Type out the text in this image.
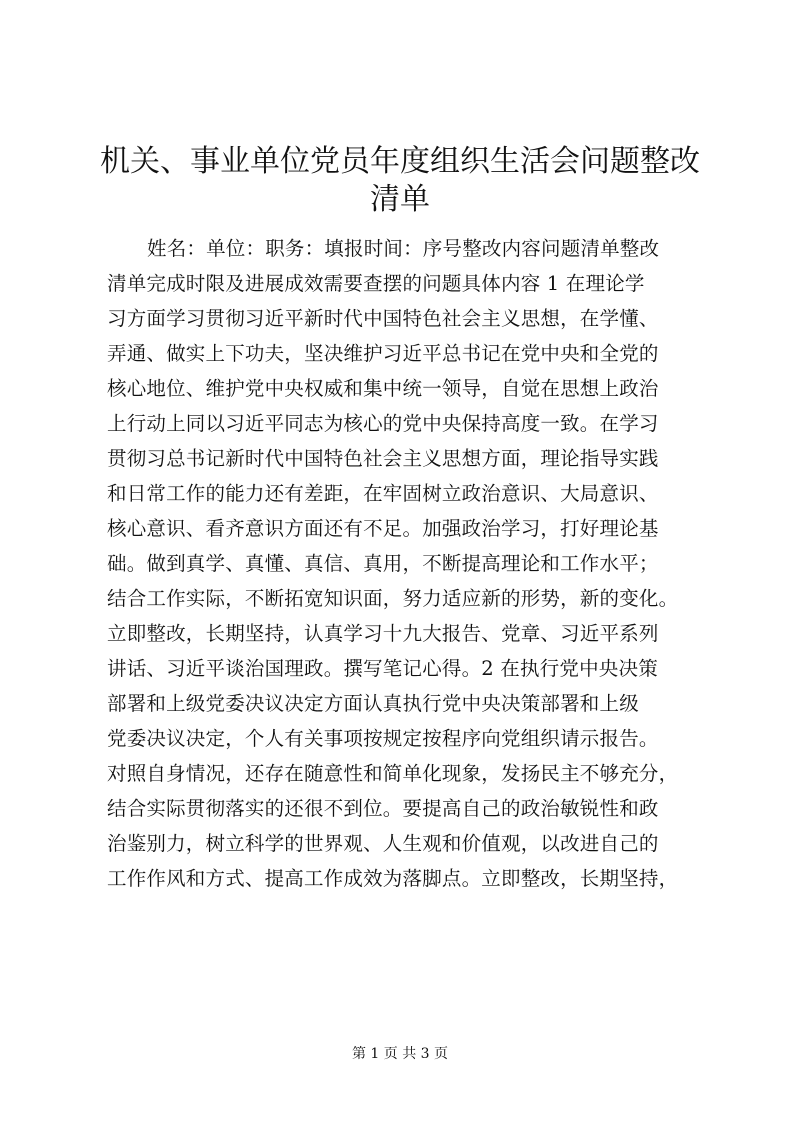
机关、事业单位党员年度组织生活会问题整改
清单
姓名：单位：职务：填报时间：序号整改内容问题清单整改
清单完成时限及进展成效需要查摆的问题具体内容 1 在理论学
习方面学习贯彻习近平新时代中国特色社会主义思想，在学懂、
弄通、做实上下功夫，坚决维护习近平总书记在党中央和全党的
核心地位、维护党中央权威和集中统一领导，自觉在思想上政治
上行动上同以习近平同志为核心的党中央保持高度一致。在学习
贯彻习总书记新时代中国特色社会主义思想方面，理论指导实践
和日常工作的能力还有差距，在牢固树立政治意识、大局意识、
核心意识、看齐意识方面还有不足。加强政治学习，打好理论基
础。做到真学、真懂、真信、真用，不断提高理论和工作水平；
结合工作实际，不断拓宽知识面，努力适应新的形势，新的变化。
立即整改，长期坚持，认真学习十九大报告、党章、习近平系列
讲话、习近平谈治国理政。撰写笔记心得。2 在执行党中央决策
部署和上级党委决议决定方面认真执行党中央决策部署和上级
党委决议决定，个人有关事项按规定按程序向党组织请示报告。
对照自身情况，还存在随意性和简单化现象，发扬民主不够充分，
结合实际贯彻落实的还很不到位。要提高自己的政治敏锐性和政
治鉴别力，树立科学的世界观、人生观和价值观，以改进自己的
工作作风和方式、提高工作成效为落脚点。立即整改，长期坚持，
第 1 页 共 3 页
